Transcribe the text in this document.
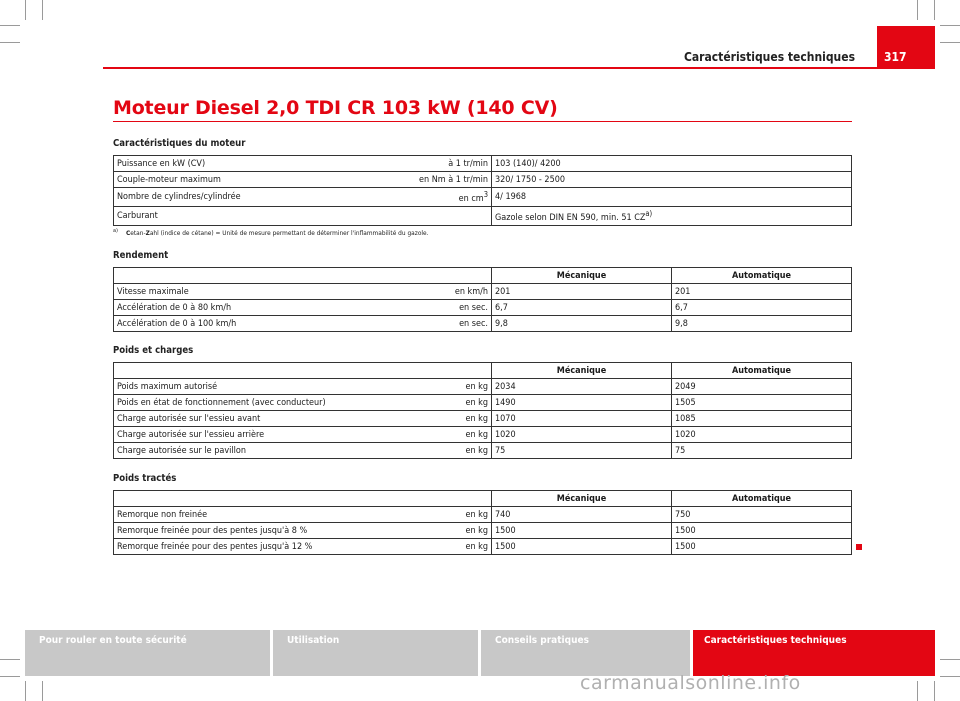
Caractéristiques techniques	317
Moteur Diesel 2,0 TDI CR 103 kW (140 CV)
Caractéristiques du moteur
Puissance en kW (CV)	à 1 tr/min	103 (140)/ 4200
Couple-moteur maximum	en Nm à 1 tr/min	320/ 1750 - 2500
Nombre de cylindres/cylindrée	en $cm^3$	4/ 1968
Carburant		Gazole selon DIN EN 590, min. 51 CZ$^{a)}$
$^{a)}$ Cetan-Zahl (indice de cétane) = Unité de mesure permettant de déterminer l'inflammabilité du gazole.
Rendement
		Mécanique	Automatique
Vitesse maximale	en km/h	201	201
Accélération de 0 à 80 km/h	en sec.	6,7	6,7
Accélération de 0 à 100 km/h	en sec.	9,8	9,8
Poids et charges
		Mécanique	Automatique
Poids maximum autorisé	en kg	2034	2049
Poids en état de fonctionnement (avec conducteur)	en kg	1490	1505
Charge autorisée sur l'essieu avant	en kg	1070	1085
Charge autorisée sur l'essieu arrière	en kg	1020	1020
Charge autorisée sur le pavillon	en kg	75	75
Poids tractés
		Mécanique	Automatique
Remorque non freinée	en kg	740	750
Remorque freinée pour des pentes jusqu'à 8 %	en kg	1500	1500
Remorque freinée pour des pentes jusqu'à 12 %	en kg	1500	1500
Pour rouler en toute sécurité	Utilisation	Conseils pratiques	Caractéristiques techniques
carmanualsonline.info
